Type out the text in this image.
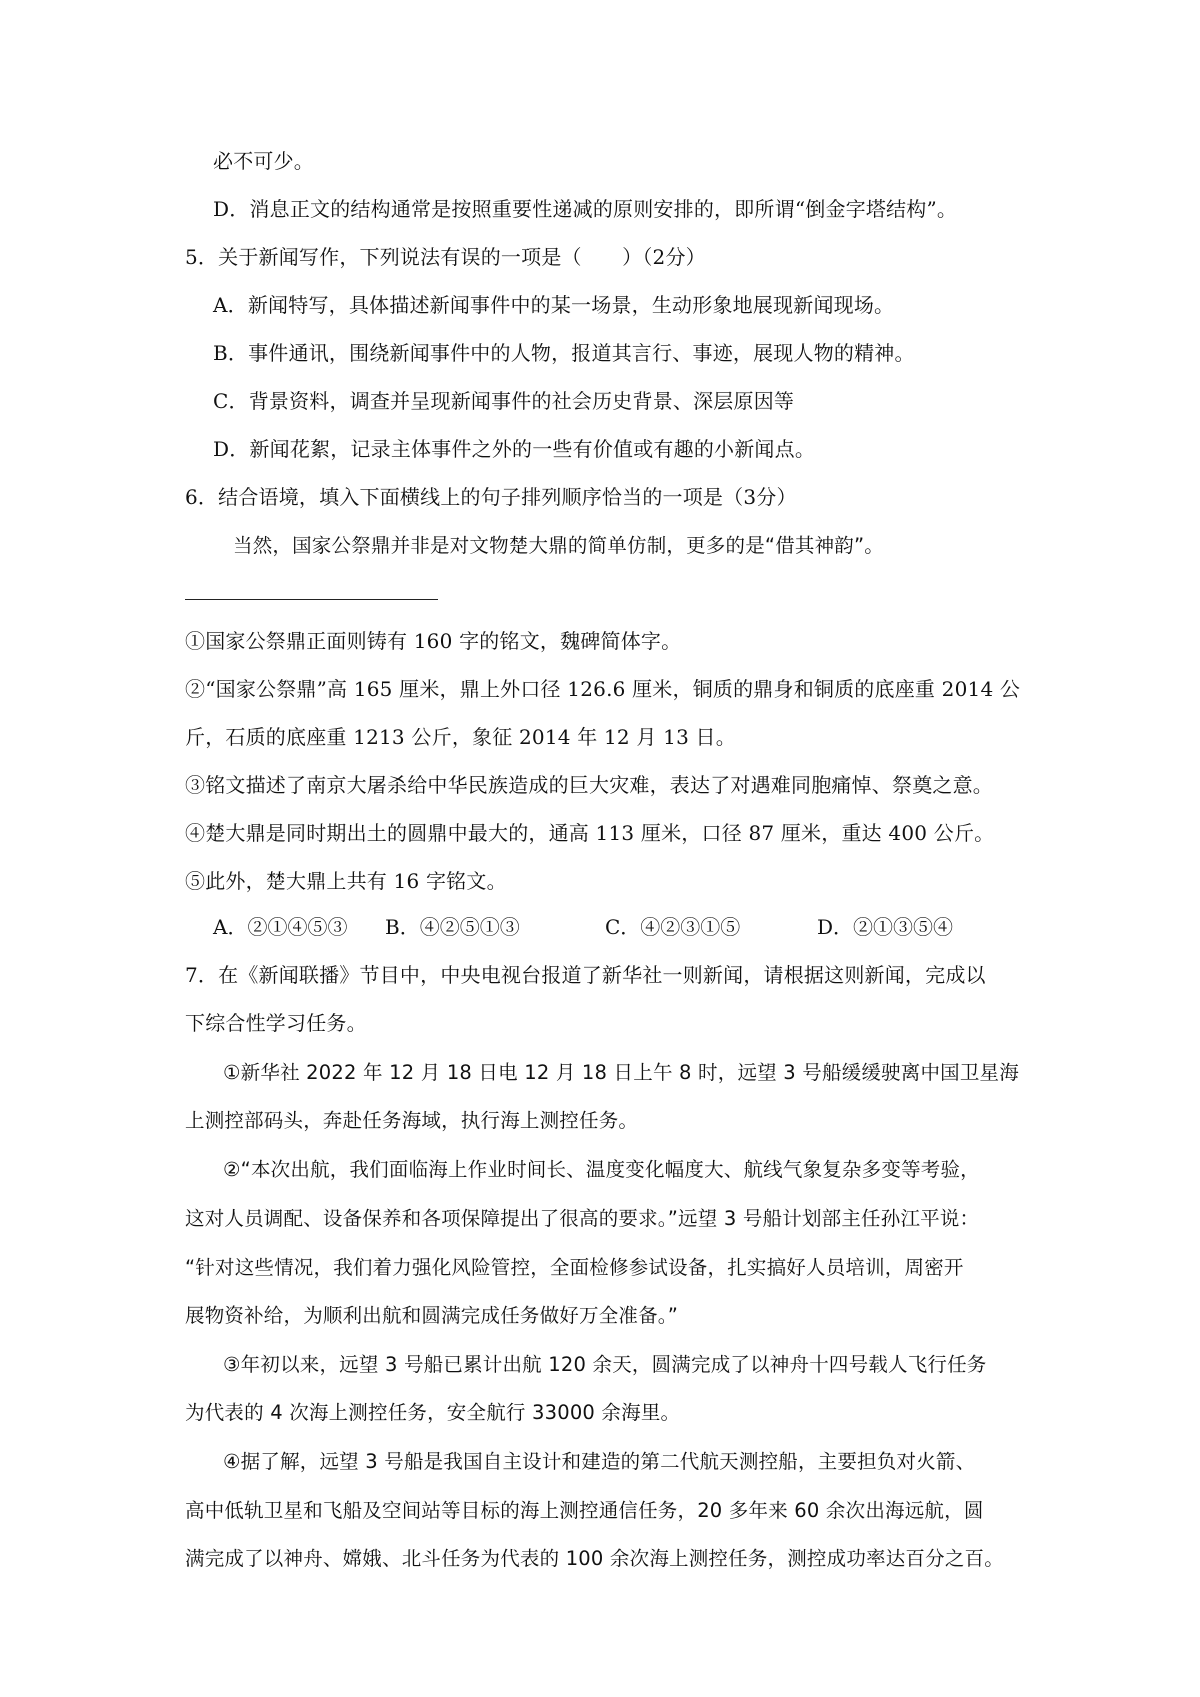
必不可少。
D．消息正文的结构通常是按照重要性递减的原则安排的，即所谓“倒金字塔结构”。
5．关于新闻写作，下列说法有误的一项是（　　）（2分）
A．新闻特写，具体描述新闻事件中的某一场景，生动形象地展现新闻现场。
B．事件通讯，围绕新闻事件中的人物，报道其言行、事迹，展现人物的精神。
C．背景资料，调查并呈现新闻事件的社会历史背景、深层原因等
D．新闻花絮，记录主体事件之外的一些有价值或有趣的小新闻点。
6．结合语境，填入下面横线上的句子排列顺序恰当的一项是（3分）
当然，国家公祭鼎并非是对文物楚大鼎的简单仿制，更多的是“借其神韵”。
①国家公祭鼎正面则铸有 160 字的铭文，魏碑简体字。
②“国家公祭鼎”高 165 厘米，鼎上外口径 126.6 厘米，铜质的鼎身和铜质的底座重 2014 公
斤，石质的底座重 1213 公斤，象征 2014 年 12 月 13 日。
③铭文描述了南京大屠杀给中华民族造成的巨大灾难，表达了对遇难同胞痛悼、祭奠之意。
④楚大鼎是同时期出土的圆鼎中最大的，通高 113 厘米，口径 87 厘米，重达 400 公斤。
⑤此外，楚大鼎上共有 16 字铭文。
A．②①④⑤③ B．④②⑤①③	C．④②③①⑤	D．②①③⑤④
7．在《新闻联播》节目中，中央电视台报道了新华社一则新闻，请根据这则新闻，完成以
下综合性学习任务。
①新华社 2022 年 12 月 18 日电 12 月 18 日上午 8 时，远望 3 号船缓缓驶离中国卫星海
上测控部码头，奔赴任务海域，执行海上测控任务。
②“本次出航，我们面临海上作业时间长、温度变化幅度大、航线气象复杂多变等考验，
这对人员调配、设备保养和各项保障提出了很高的要求。”远望 3 号船计划部主任孙江平说：
“针对这些情况，我们着力强化风险管控，全面检修参试设备，扎实搞好人员培训，周密开
展物资补给，为顺利出航和圆满完成任务做好万全准备。”
③年初以来，远望 3 号船已累计出航 120 余天，圆满完成了以神舟十四号载人飞行任务
为代表的 4 次海上测控任务，安全航行 33000 余海里。
④据了解，远望 3 号船是我国自主设计和建造的第二代航天测控船，主要担负对火箭、
高中低轨卫星和飞船及空间站等目标的海上测控通信任务，20 多年来 60 余次出海远航，圆
满完成了以神舟、嫦娥、北斗任务为代表的 100 余次海上测控任务，测控成功率达百分之百。
